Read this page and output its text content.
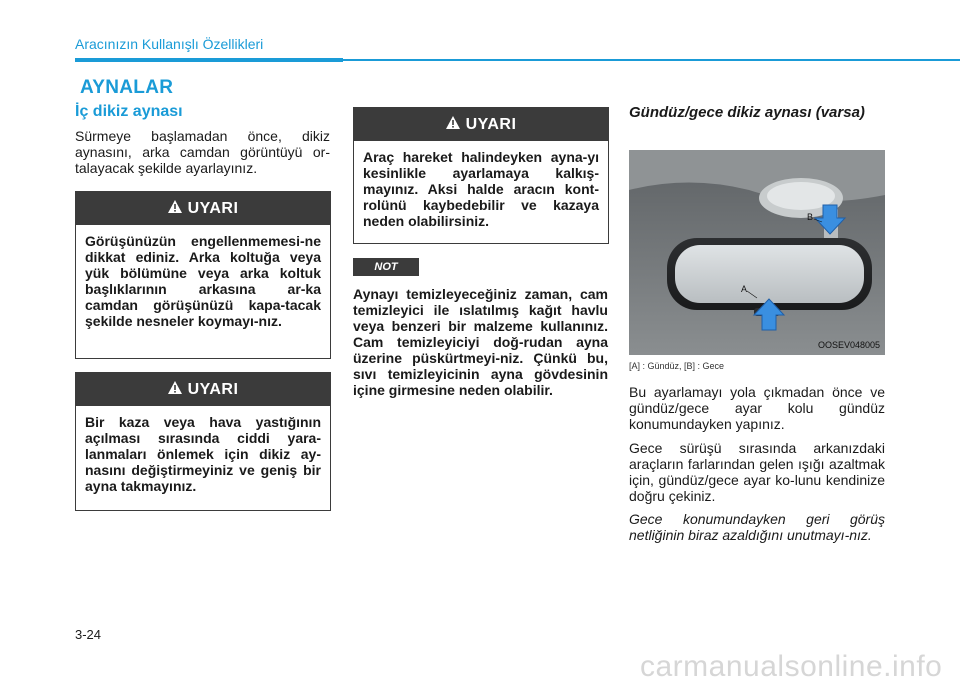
Aracınızın Kullanışlı Özellikleri
AYNALAR
İç dikiz aynası

Sürmeye başlamadan önce, dikiz aynasını, arka camdan görüntüyü or-talayacak şekilde ayarlayınız.

UYARI
Görüşünüzün engellenmemesi-ne dikkat ediniz. Arka koltuğa veya yük bölümüne veya arka koltuk başlıklarının arkasına ar-ka camdan görüşünüzü kapa-tacak şekilde nesneler koymayı-nız.
UYARI
Bir kaza veya hava yastığının açılması sırasında ciddi yara-lanmaları önlemek için dikiz ay-nasını değiştirmeyiniz ve geniş bir ayna takmayınız.
UYARI
Araç hareket halindeyken ayna-yı kesinlikle ayarlamaya kalkış-mayınız. Aksi halde aracın kont-rolünü kaybedebilir ve kazaya neden olabilirsiniz.
NOT

Aynayı temizleyeceğiniz zaman, cam temizleyici ile ıslatılmış kağıt havlu veya benzeri bir malzeme kullanınız. Cam temizleyiciyi doğ-rudan ayna üzerine püskürtmeyi-niz. Çünkü bu, sıvı temizleyicinin ayna gövdesinin içine girmesine neden olabilir.

Gündüz/gece dikiz aynası (varsa)
B
A
OOSEV048005
[A] : Gündüz, [B] : Gece

Bu ayarlamayı yola çıkmadan önce ve gündüz/gece ayar kolu gündüz konumundayken yapınız.

Gece sürüşü sırasında arkanızdaki araçların farlarından gelen ışığı azaltmak için, gündüz/gece ayar ko-lunu kendinize doğru çekiniz.

Gece konumundayken geri görüş netliğinin biraz azaldığını unutmayı-nız.

3-24
carmanualsonline.info
